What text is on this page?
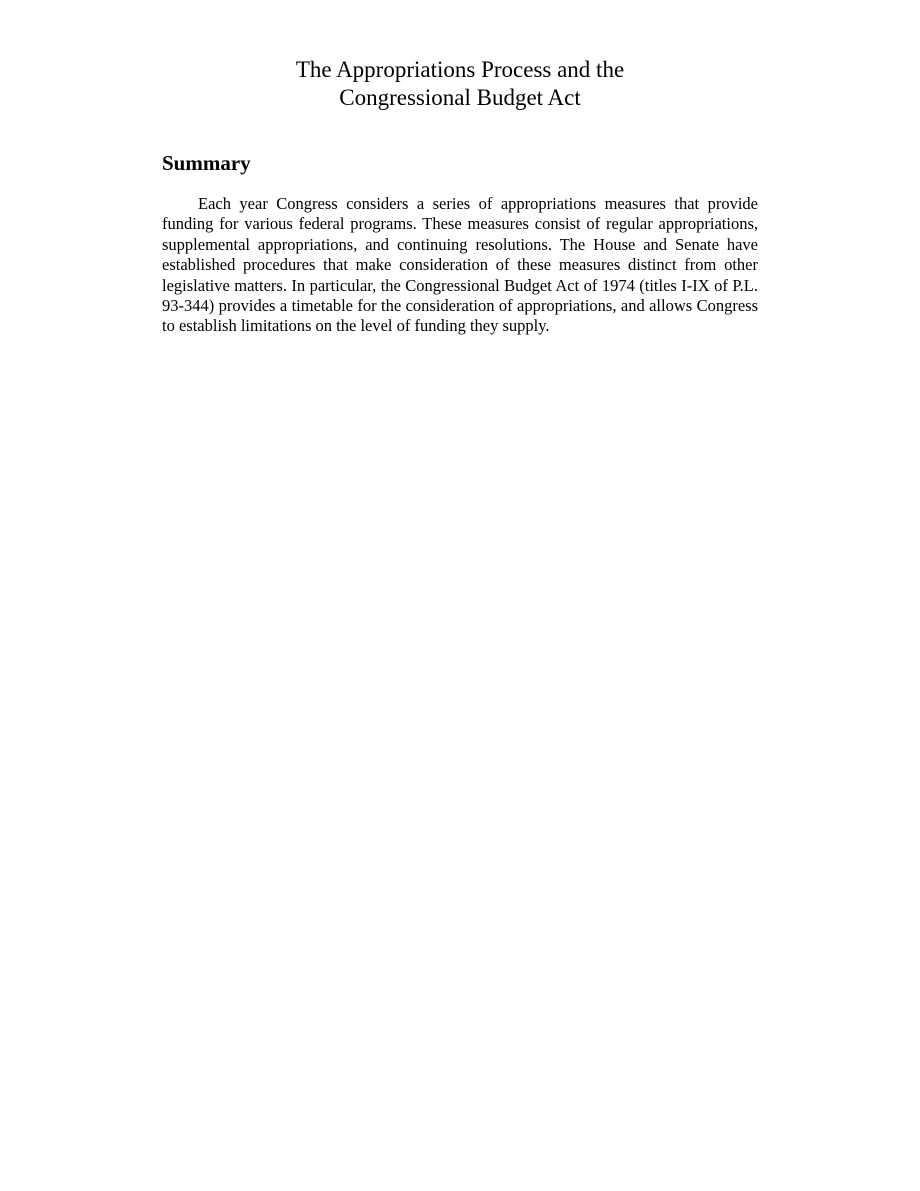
The Appropriations Process and the
Congressional Budget Act
Summary

Each year Congress considers a series of appropriations measures that provide funding for various federal programs. These measures consist of regular appropriations, supplemental appropriations, and continuing resolutions. The House and Senate have established procedures that make consideration of these measures distinct from other legislative matters. In particular, the Congressional Budget Act of 1974 (titles I-IX of P.L. 93-344) provides a timetable for the consideration of appropriations, and allows Congress to establish limitations on the level of funding they supply.
